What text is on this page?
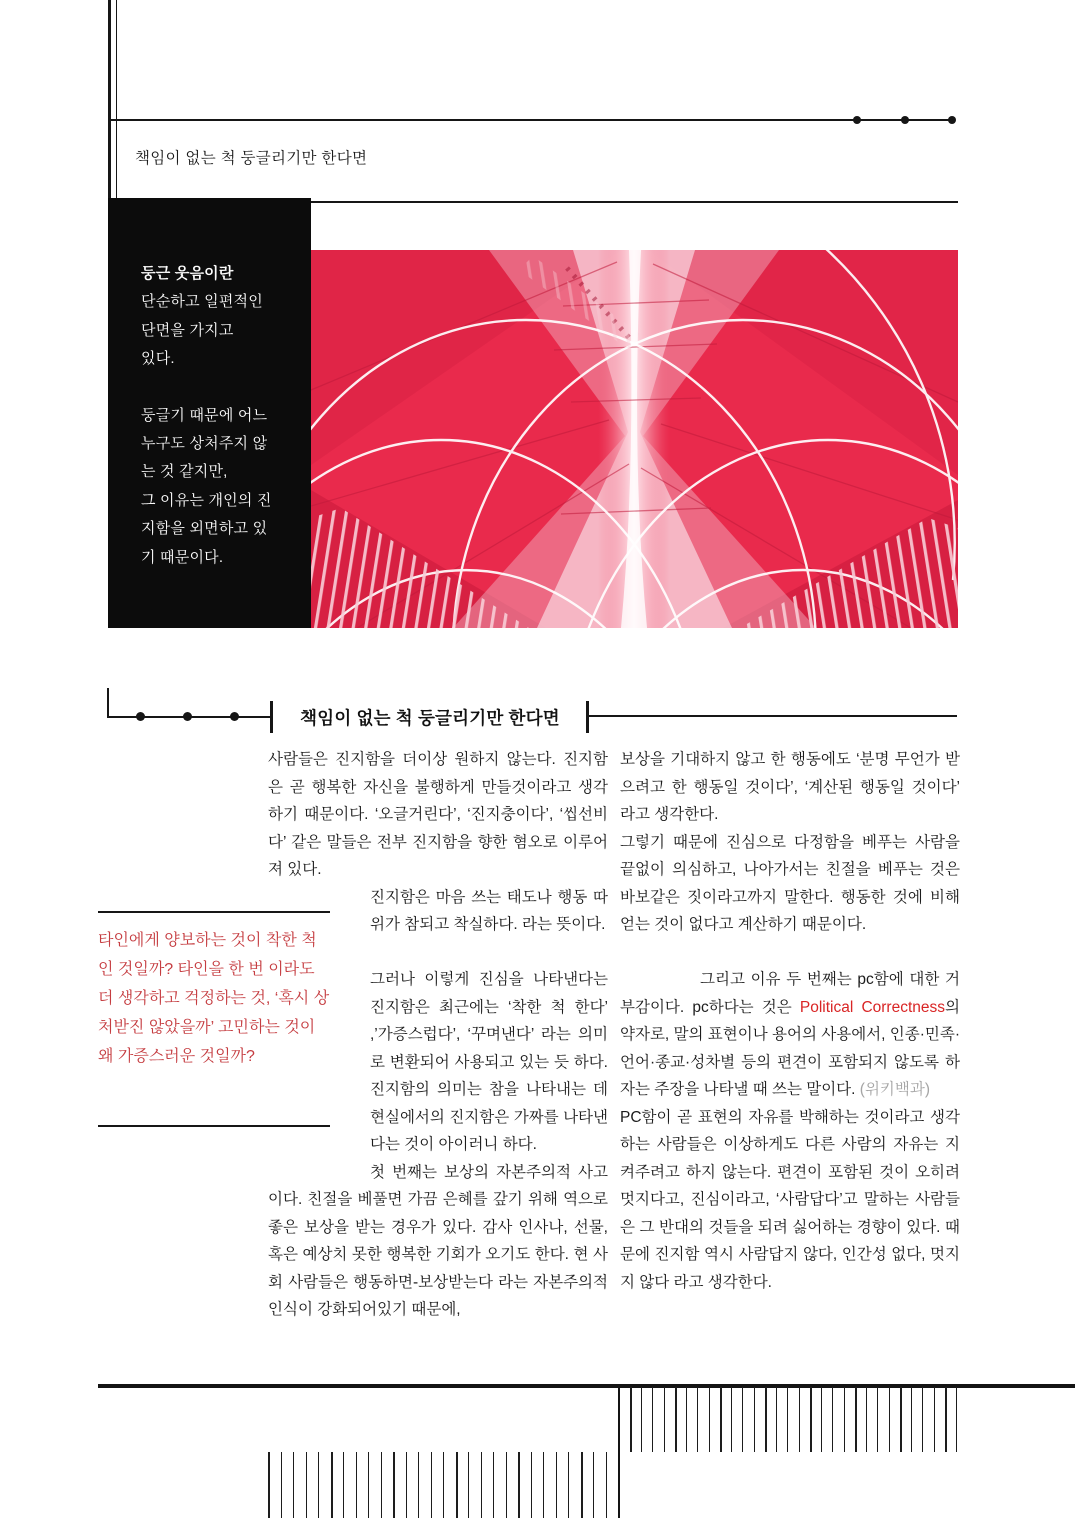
책임이 없는 척 둥글리기만 한다면
둥근 웃음이란
단순하고 일편적인
단면을 가지고
있다.
둥글기 때문에 어느
누구도 상처주지 않
는 것 같지만,
그 이유는 개인의 진
지함을 외면하고 있
기 때문이다.
책임이 없는 척 둥글리기만 한다면

사람들은 진지함을 더이상 원하지 않는다. 진지함은 곧 행복한 자신을 불행하게 만들것이라고 생각하기 때문이다. ‘오글거린다’, ‘진지충이다’, ‘씹선비다’ 같은 말들은 전부 진지함을 향한 혐오로 이루어져 있다.

진지함은 마음 쓰는 태도나 행동 따위가 참되고 착실하다. 라는 뜻이다.

그러나 이렇게 진심을 나타낸다는 진지함은 최근에는 ‘착한 척 한다’ ,’가증스럽다’, ‘꾸며낸다’ 라는 의미로 변환되어 사용되고 있는 듯 하다. 진지함의 의미는 참을 나타내는 데 현실에서의 진지함은 가짜를 나타낸다는 것이 아이러니 하다.

첫 번째는 보상의 자본주의적 사고이다. 친절을 베풀면 가끔 은혜를 갚기 위해 역으로 좋은 보상을 받는 경우가 있다. 감사 인사나, 선물, 혹은 예상치 못한 행복한 기회가 오기도 한다. 현 사회 사람들은 행동하면-보상받는다 라는 자본주의적 인식이 강화되어있기 때문에,

타인에게 양보하는 것이 착한 척인 것일까? 타인을 한 번 이라도 더 생각하고 걱정하는 것, ‘혹시 상처받진 않았을까’ 고민하는 것이 왜 가증스러운 것일까?

보상을 기대하지 않고 한 행동에도 ‘분명 무언가 받으려고 한 행동일 것이다’, ‘계산된 행동일 것이다’ 라고 생각한다.

그렇기 때문에 진심으로 다정함을 베푸는 사람을 끝없이 의심하고, 나아가서는 친절을 베푸는 것은 바보같은 짓이라고까지 말한다. 행동한 것에 비해 얻는 것이 없다고 계산하기 때문이다.

그리고 이유 두 번째는 pc함에 대한 거부감이다. pc하다는 것은 Political Correctness의 약자로, 말의 표현이나 용어의 사용에서, 인종·민족·언어·종교·성차별 등의 편견이 포함되지 않도록 하자는 주장을 나타낼 때 쓰는 말이다. (위키백과)

PC함이 곧 표현의 자유를 박해하는 것이라고 생각하는 사람들은 이상하게도 다른 사람의 자유는 지켜주려고 하지 않는다. 편견이 포함된 것이 오히려 멋지다고, 진심이라고, ‘사람답다’고 말하는 사람들은 그 반대의 것들을 되려 싫어하는 경향이 있다. 때문에 진지함 역시 사람답지 않다, 인간성 없다, 멋지지 않다 라고 생각한다.
